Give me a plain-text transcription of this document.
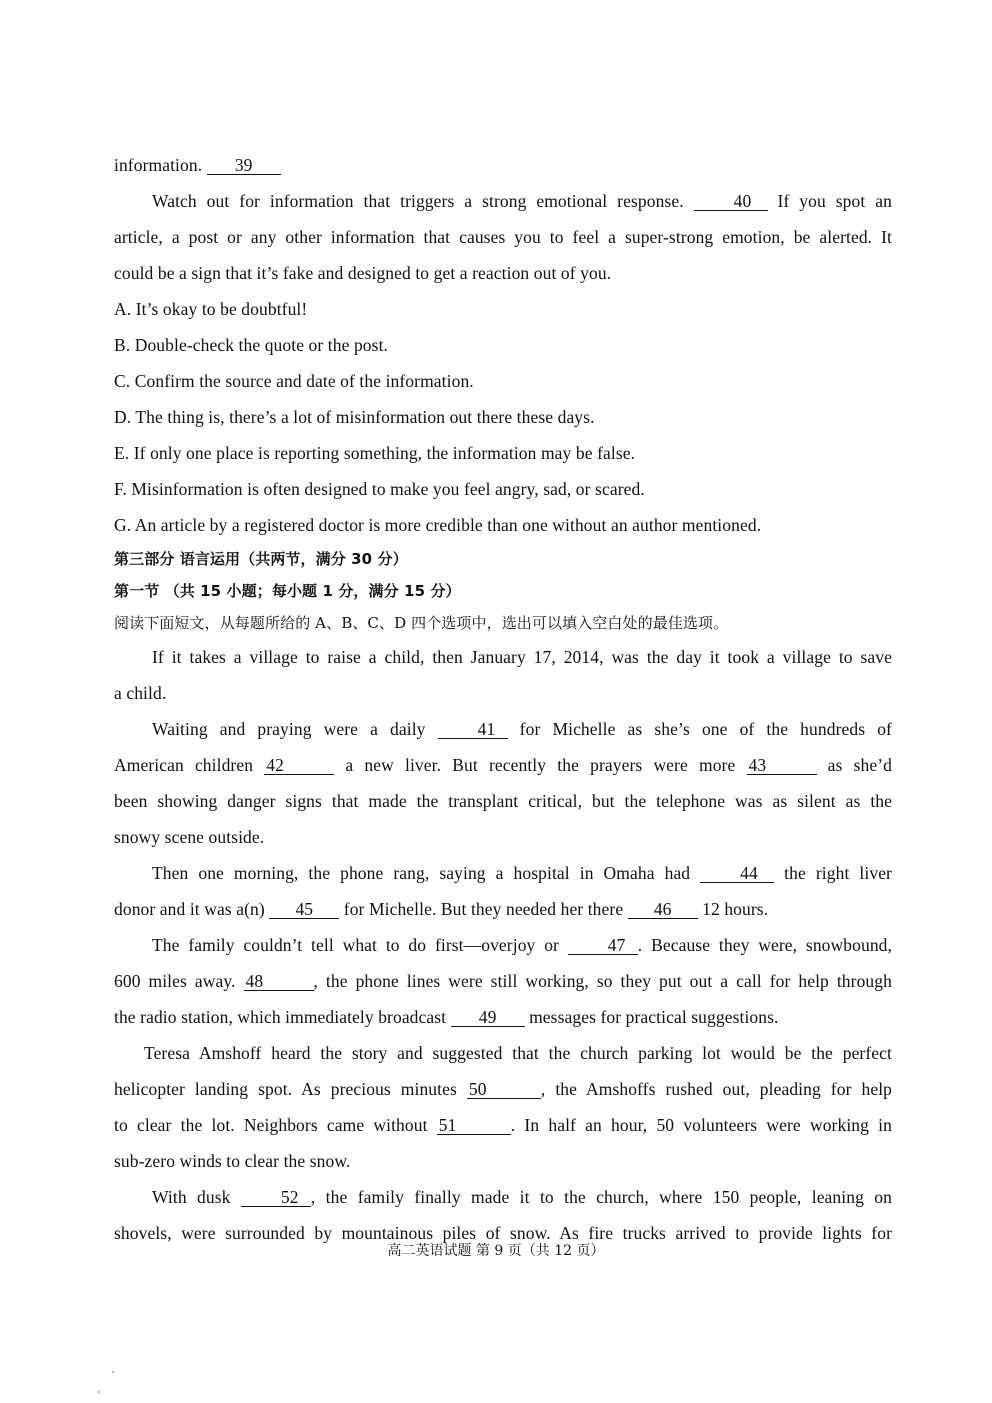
information. 39

Watch out for information that triggers a strong emotional response. 40 If you spot an

article, a post or any other information that causes you to feel a super-strong emotion, be alerted. It

could be a sign that it’s fake and designed to get a reaction out of you.

A. It’s okay to be doubtful!

B. Double-check the quote or the post.

C. Confirm the source and date of the information.

D. The thing is, there’s a lot of misinformation out there these days.

E. If only one place is reporting something, the information may be false.

F. Misinformation is often designed to make you feel angry, sad, or scared.

G. An article by a registered doctor is more credible than one without an author mentioned.

第三部分 语言运用（共两节，满分 30 分）

第一节 （共 15 小题；每小题 1 分，满分 15 分）

阅读下面短文，从每题所给的 A、B、C、D 四个选项中，选出可以填入空白处的最佳选项。

If it takes a village to raise a child, then January 17, 2014, was the day it took a village to save

a child.

Waiting and praying were a daily 41 for Michelle as she’s one of the hundreds of

American children 42	a new liver. But recently the prayers were more 43	as she’d

been showing danger signs that made the transplant critical, but the telephone was as silent as the

snowy scene outside.

Then one morning, the phone rang, saying a hospital in Omaha had 44 the right liver

donor and it was a(n) 45 for Michelle. But they needed her there 46 12 hours.

The family couldn’t tell what to do first—overjoy or 47 . Because they were, snowbound,

600 miles away. 48	, the phone lines were still working, so they put out a call for help through

the radio station, which immediately broadcast 49 messages for practical suggestions.

Teresa Amshoff heard the story and suggested that the church parking lot would be the perfect

helicopter landing spot. As precious minutes 50	, the Amshoffs rushed out, pleading for help

to clear the lot. Neighbors came without 51	. In half an hour, 50 volunteers were working in

sub-zero winds to clear the snow.

With dusk 52 , the family finally made it to the church, where 150 people, leaning on

shovels, were surrounded by mountainous piles of snow. As fire trucks arrived to provide lights for

高二英语试题 第 9 页（共 12 页）
